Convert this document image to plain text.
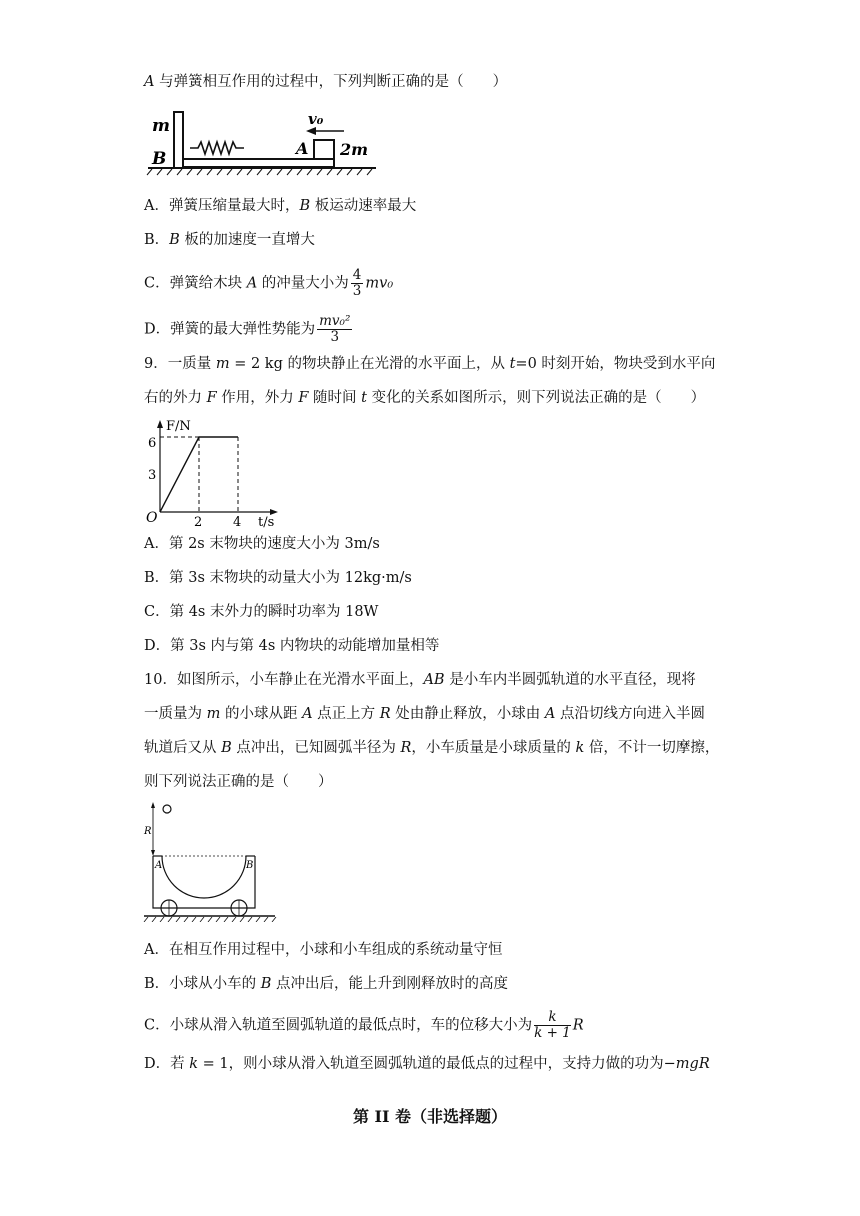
A 与弹簧相互作用的过程中，下列判断正确的是（　　）
m
B
v₀
A 2m
A．弹簧压缩量最大时，B 板运动速率最大
B．B 板的加速度一直增大
C．弹簧给木块 A 的冲量大小为 $\frac{4}{3} mv_0$
D．弹簧的最大弹性势能为 $\frac{\text{mv₀²}}{3}$
9．一质量 m = 2 kg 的物块静止在光滑的水平面上，从 t=0 时刻开始，物块受到水平向
右的外力 F 作用，外力 F 随时间 t 变化的关系如图所示，则下列说法正确的是（　　）
F/N
t/s
O
6
3
2 4
A．第 2s 末物块的速度大小为 3m/s
B．第 3s 末物块的动量大小为 12kg·m/s
C．第 4s 末外力的瞬时功率为 18W
D．第 3s 内与第 4s 内物块的动能增加量相等
10．如图所示，小车静止在光滑水平面上，AB 是小车内半圆弧轨道的水平直径，现将
一质量为 m 的小球从距 A 点正上方 R 处由静止释放，小球由 A 点沿切线方向进入半圆
轨道后又从 B 点冲出，已知圆弧半径为 R，小车质量是小球质量的 k 倍，不计一切摩擦，
则下列说法正确的是（　　）
R
A	B
A．在相互作用过程中，小球和小车组成的系统动量守恒
B．小球从小车的 B 点冲出后，能上升到刚释放时的高度
C．小球从滑入轨道至圆弧轨道的最低点时，车的位移大小为 $\frac{k}{k + 1}$ R
D．若 k = 1，则小球从滑入轨道至圆弧轨道的最低点的过程中，支持力做的功为−mgR
第 II 卷（非选择题）
